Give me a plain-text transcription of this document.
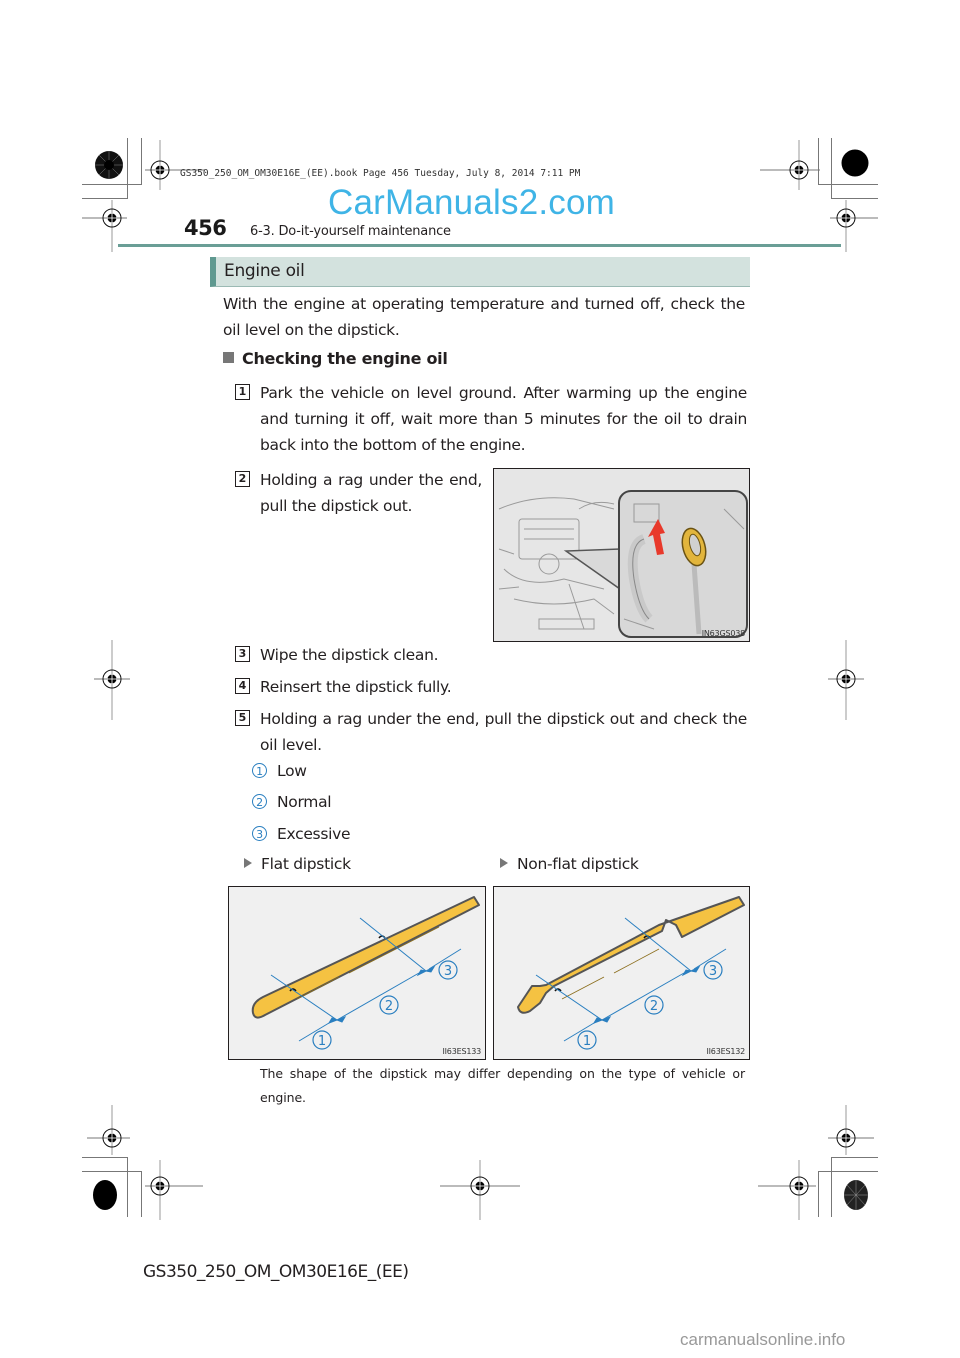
GS350_250_OM_OM30E16E_(EE).book Page 456 Tuesday, July 8, 2014 7:11 PM
CarManuals2.com
456 6-3. Do-it-yourself maintenance
Engine oil
With the engine at operating temperature and turned off, check the oil level on the dipstick.
Checking the engine oil
1 Park the vehicle on level ground. After warming up the engine and turning it off, wait more than 5 minutes for the oil to drain back into the bottom of the engine.
2 Holding a rag under the end, pull the dipstick out.
IN63GS038
3 Wipe the dipstick clean.
4 Reinsert the dipstick fully.
5 Holding a rag under the end, pull the dipstick out and check the oil level.
1 Low
2 Normal
3 Excessive
Flat dipstick	Non-flat dipstick
1
2
3
II63ES133
1
2
3
II63ES132
The shape of the dipstick may differ depending on the type of vehicle or engine.
GS350_250_OM_OM30E16E_(EE)
carmanualsonline.info
